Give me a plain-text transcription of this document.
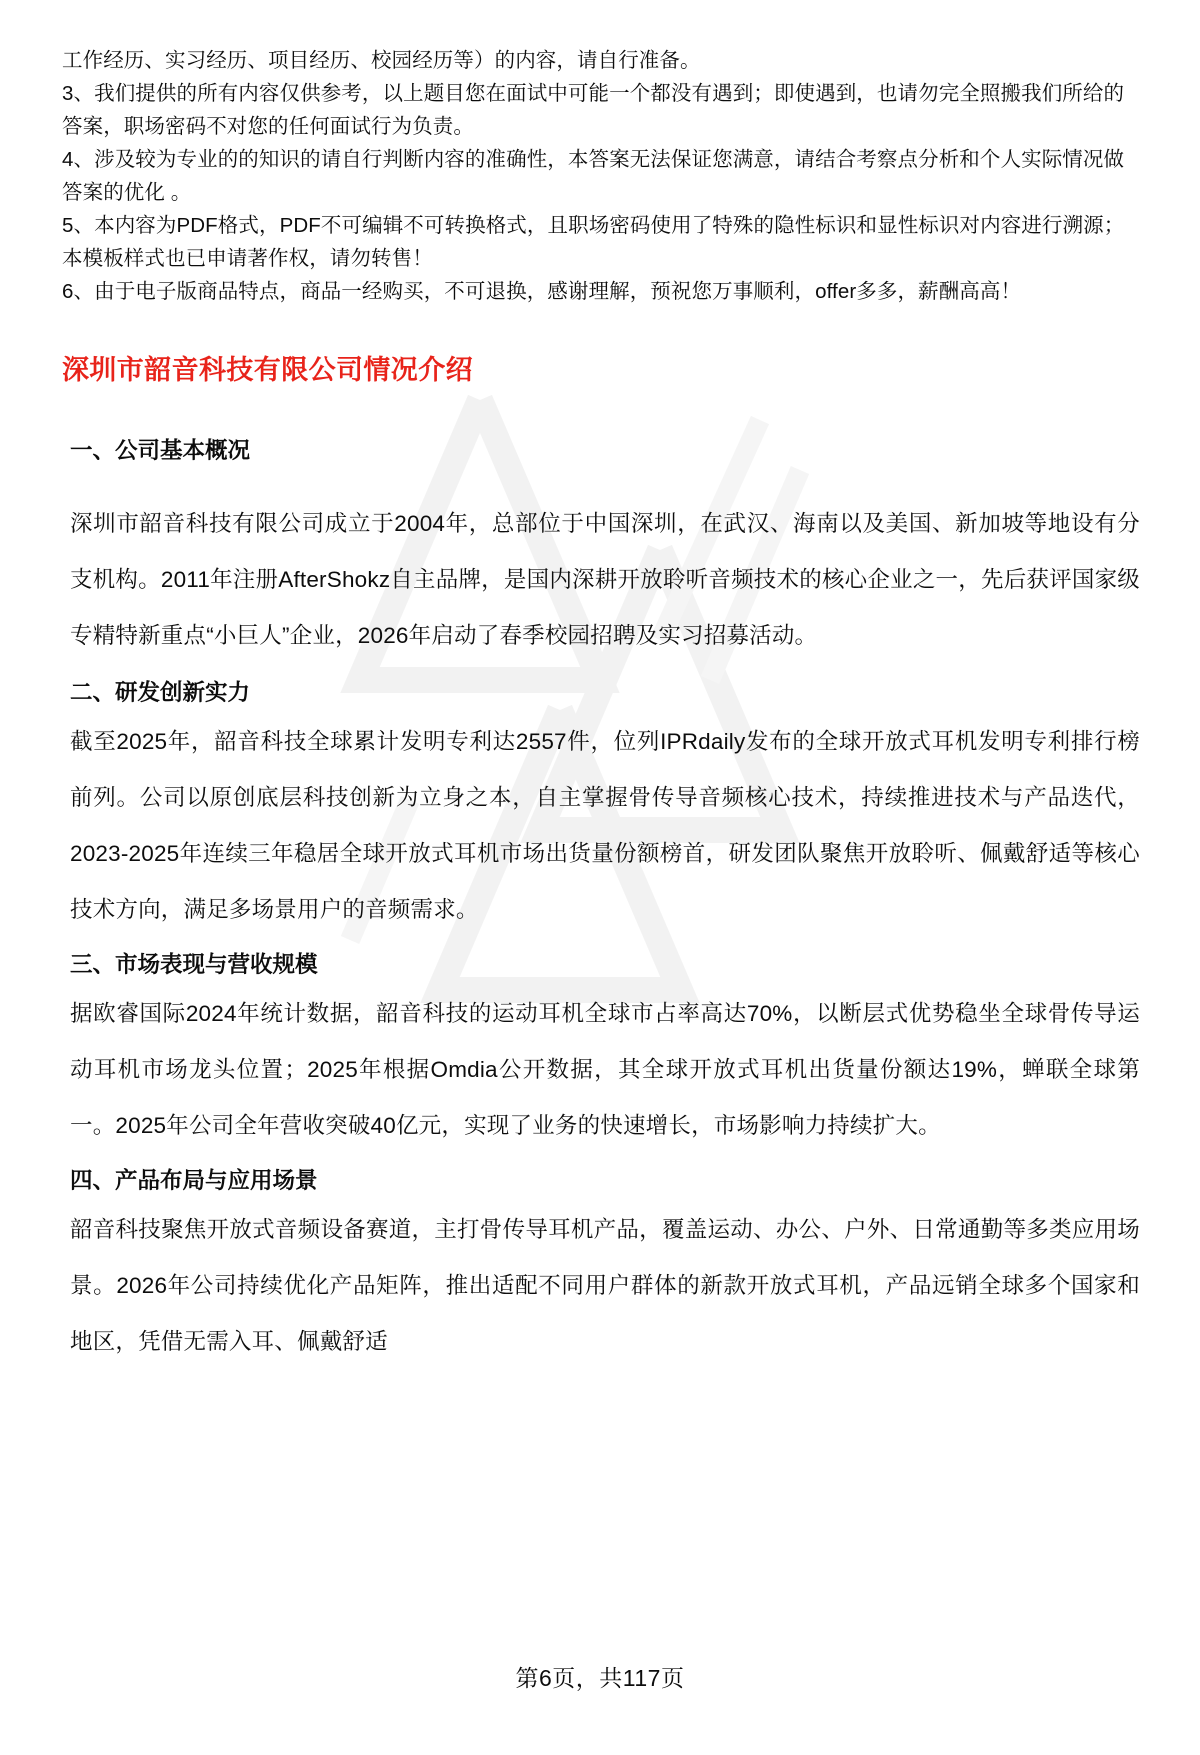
工作经历、实习经历、项目经历、校园经历等）的内容，请自行准备。

3、我们提供的所有内容仅供参考，以上题目您在面试中可能一个都没有遇到；即使遇到，也请勿完全照搬我们所给的答案，职场密码不对您的任何面试行为负责。

4、涉及较为专业的的知识的请自行判断内容的准确性，本答案无法保证您满意，请结合考察点分析和个人实际情况做答案的优化 。

5、本内容为PDF格式，PDF不可编辑不可转换格式，且职场密码使用了特殊的隐性标识和显性标识对内容进行溯源；本模板样式也已申请著作权，请勿转售！

6、由于电子版商品特点，商品一经购买，不可退换，感谢理解，预祝您万事顺利，offer多多，薪酬高高！

深圳市韶音科技有限公司情况介绍
一、公司基本概况

深圳市韶音科技有限公司成立于2004年，总部位于中国深圳，在武汉、海南以及美国、新加坡等地设有分支机构。2011年注册AfterShokz自主品牌，是国内深耕开放聆听音频技术的核心企业之一，先后获评国家级专精特新重点“小巨人”企业，2026年启动了春季校园招聘及实习招募活动。

二、研发创新实力

截至2025年，韶音科技全球累计发明专利达2557件，位列IPRdaily发布的全球开放式耳机发明专利排行榜前列。公司以原创底层科技创新为立身之本，自主掌握骨传导音频核心技术，持续推进技术与产品迭代，2023-2025年连续三年稳居全球开放式耳机市场出货量份额榜首，研发团队聚焦开放聆听、佩戴舒适等核心技术方向，满足多场景用户的音频需求。

三、市场表现与营收规模

据欧睿国际2024年统计数据，韶音科技的运动耳机全球市占率高达70%，以断层式优势稳坐全球骨传导运动耳机市场龙头位置；2025年根据Omdia公开数据，其全球开放式耳机出货量份额达19%，蝉联全球第一。2025年公司全年营收突破40亿元，实现了业务的快速增长，市场影响力持续扩大。

四、产品布局与应用场景

韶音科技聚焦开放式音频设备赛道，主打骨传导耳机产品，覆盖运动、办公、户外、日常通勤等多类应用场景。2026年公司持续优化产品矩阵，推出适配不同用户群体的新款开放式耳机，产品远销全球多个国家和地区，凭借无需入耳、佩戴舒适

第6页，共117页
